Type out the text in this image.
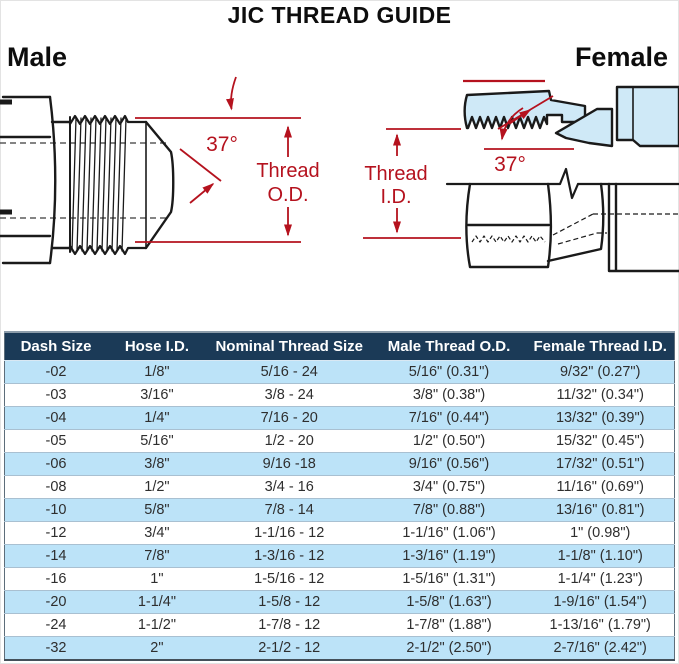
JIC THREAD GUIDE
Male	Female
37°
Thread
O.D.
Thread
I.D.
37°
Dash Size	Hose I.D.	Nominal Thread Size	Male Thread O.D.	Female Thread I.D.
-02	1/8"	5/16 - 24	5/16" (0.31")	9/32" (0.27")
-03	3/16"	3/8 - 24	3/8" (0.38")	11/32" (0.34")
-04	1/4"	7/16 - 20	7/16" (0.44")	13/32" (0.39")
-05	5/16"	1/2 - 20	1/2" (0.50")	15/32" (0.45")
-06	3/8"	9/16 -18	9/16" (0.56")	17/32" (0.51")
-08	1/2"	3/4 - 16	3/4" (0.75")	11/16" (0.69")
-10	5/8"	7/8 - 14	7/8" (0.88")	13/16" (0.81")
-12	3/4"	1-1/16 - 12	1-1/16" (1.06")	1" (0.98")
-14	7/8"	1-3/16 - 12	1-3/16" (1.19")	1-1/8" (1.10")
-16	1"	1-5/16 - 12	1-5/16" (1.31")	1-1/4" (1.23")
-20	1-1/4"	1-5/8 - 12	1-5/8" (1.63")	1-9/16" (1.54")
-24	1-1/2"	1-7/8 - 12	1-7/8" (1.88")	1-13/16" (1.79")
-32	2"	2-1/2 - 12	2-1/2" (2.50")	2-7/16" (2.42")
